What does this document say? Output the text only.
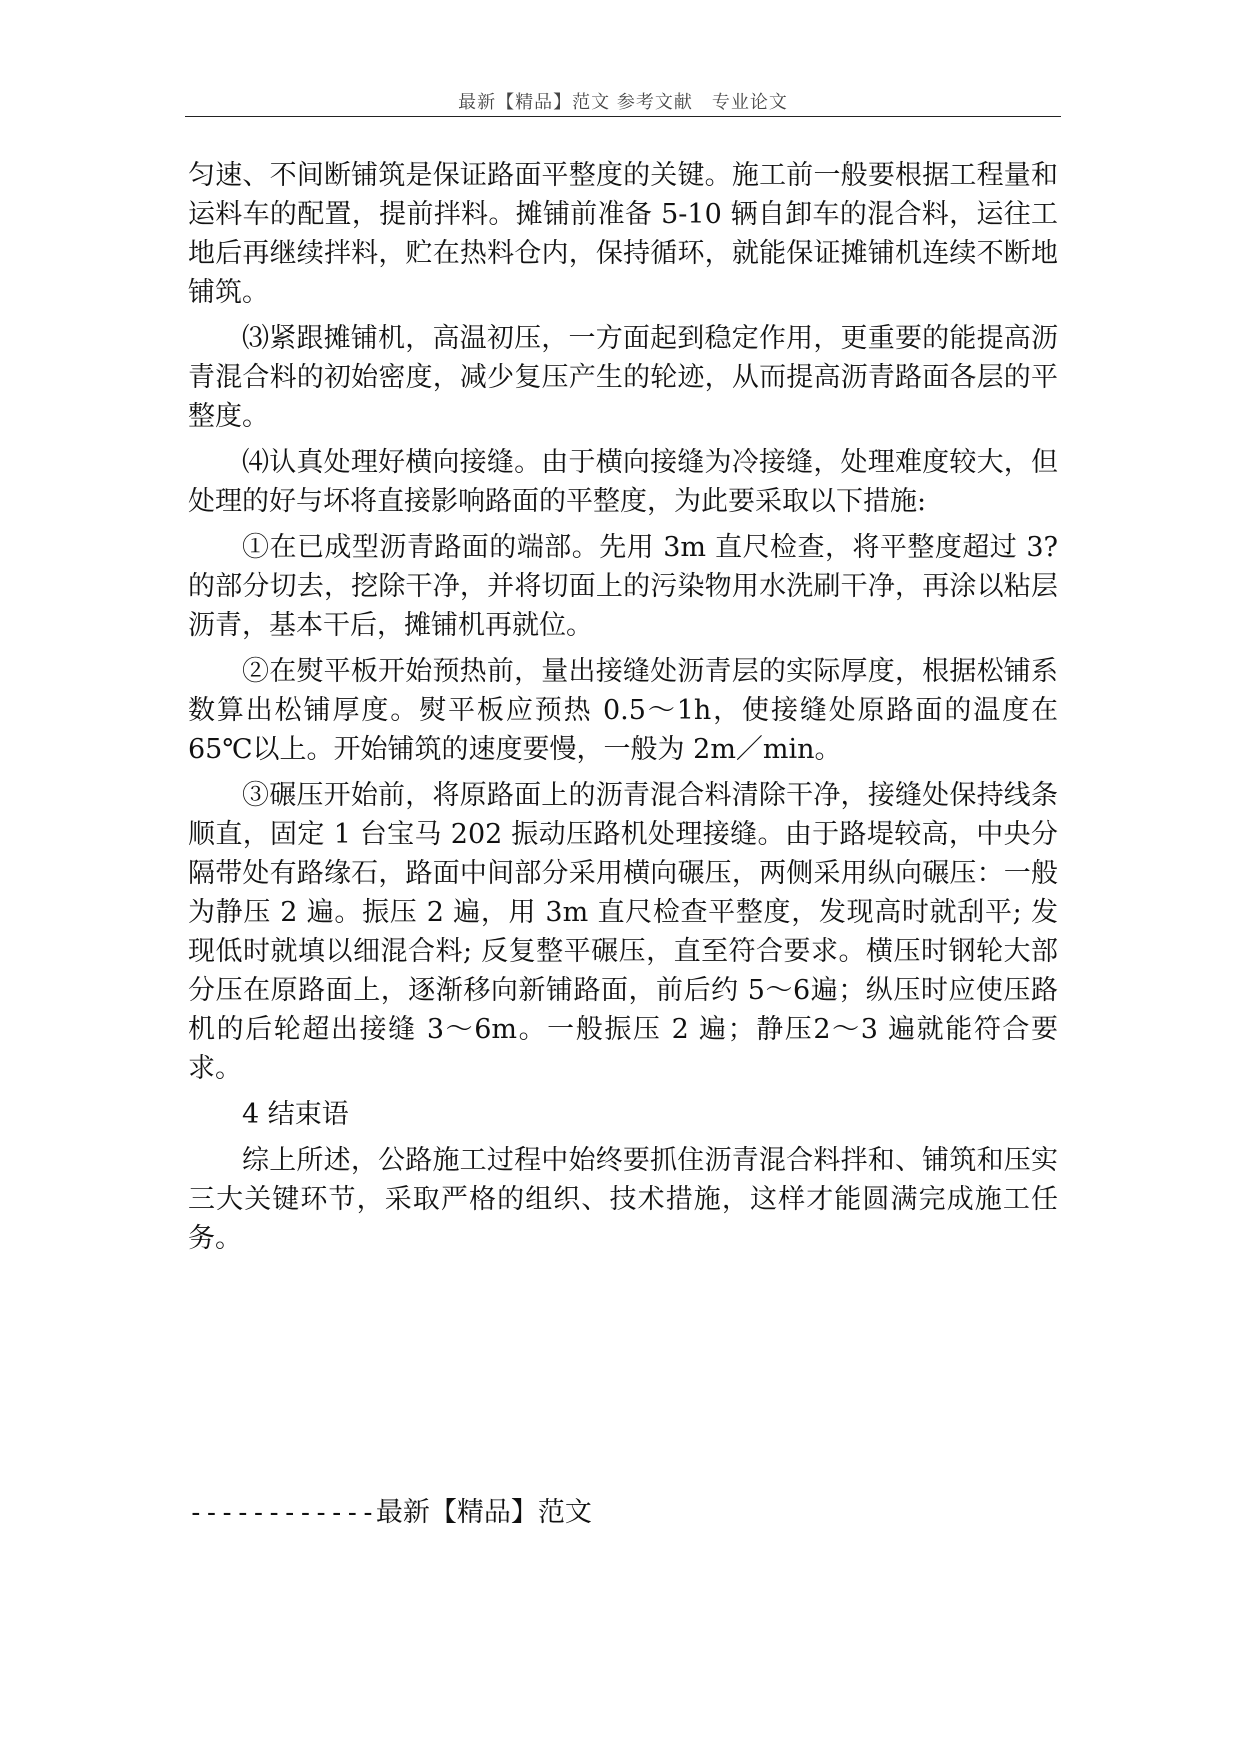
最新【精品】范文 参考文献　专业论文

匀速、不间断铺筑是保证路面平整度的关键。施工前一般要根据工程量和运料车的配置，提前拌料。摊铺前准备 5-10 辆自卸车的混合料，运往工地后再继续拌料，贮在热料仓内，保持循环，就能保证摊铺机连续不断地铺筑。

⑶紧跟摊铺机，高温初压，一方面起到稳定作用，更重要的能提高沥青混合料的初始密度，减少复压产生的轮迹，从而提高沥青路面各层的平整度。

⑷认真处理好横向接缝。由于横向接缝为冷接缝，处理难度较大，但处理的好与坏将直接影响路面的平整度，为此要采取以下措施:

①在已成型沥青路面的端部。先用 3m 直尺检查，将平整度超过 3?的部分切去，挖除干净，并将切面上的污染物用水洗刷干净，再涂以粘层沥青，基本干后，摊铺机再就位。

②在熨平板开始预热前，量出接缝处沥青层的实际厚度，根据松铺系数算出松铺厚度。熨平板应预热 0.5～1h，使接缝处原路面的温度在 65℃以上。开始铺筑的速度要慢，一般为 2m／min。

③碾压开始前，将原路面上的沥青混合料清除干净，接缝处保持线条顺直，固定 1 台宝马 202 振动压路机处理接缝。由于路堤较高，中央分隔带处有路缘石，路面中间部分采用横向碾压，两侧采用纵向碾压：一般为静压 2 遍。振压 2 遍，用 3m 直尺检查平整度，发现高时就刮平; 发现低时就填以细混合料; 反复整平碾压，直至符合要求。横压时钢轮大部分压在原路面上，逐渐移向新铺路面，前后约 5～6遍；纵压时应使压路机的后轮超出接缝 3～6m。一般振压 2 遍；静压2～3 遍就能符合要求。

4 结束语

综上所述，公路施工过程中始终要抓住沥青混合料拌和、铺筑和压实三大关键环节，采取严格的组织、技术措施，这样才能圆满完成施工任务。

------------最新【精品】范文
